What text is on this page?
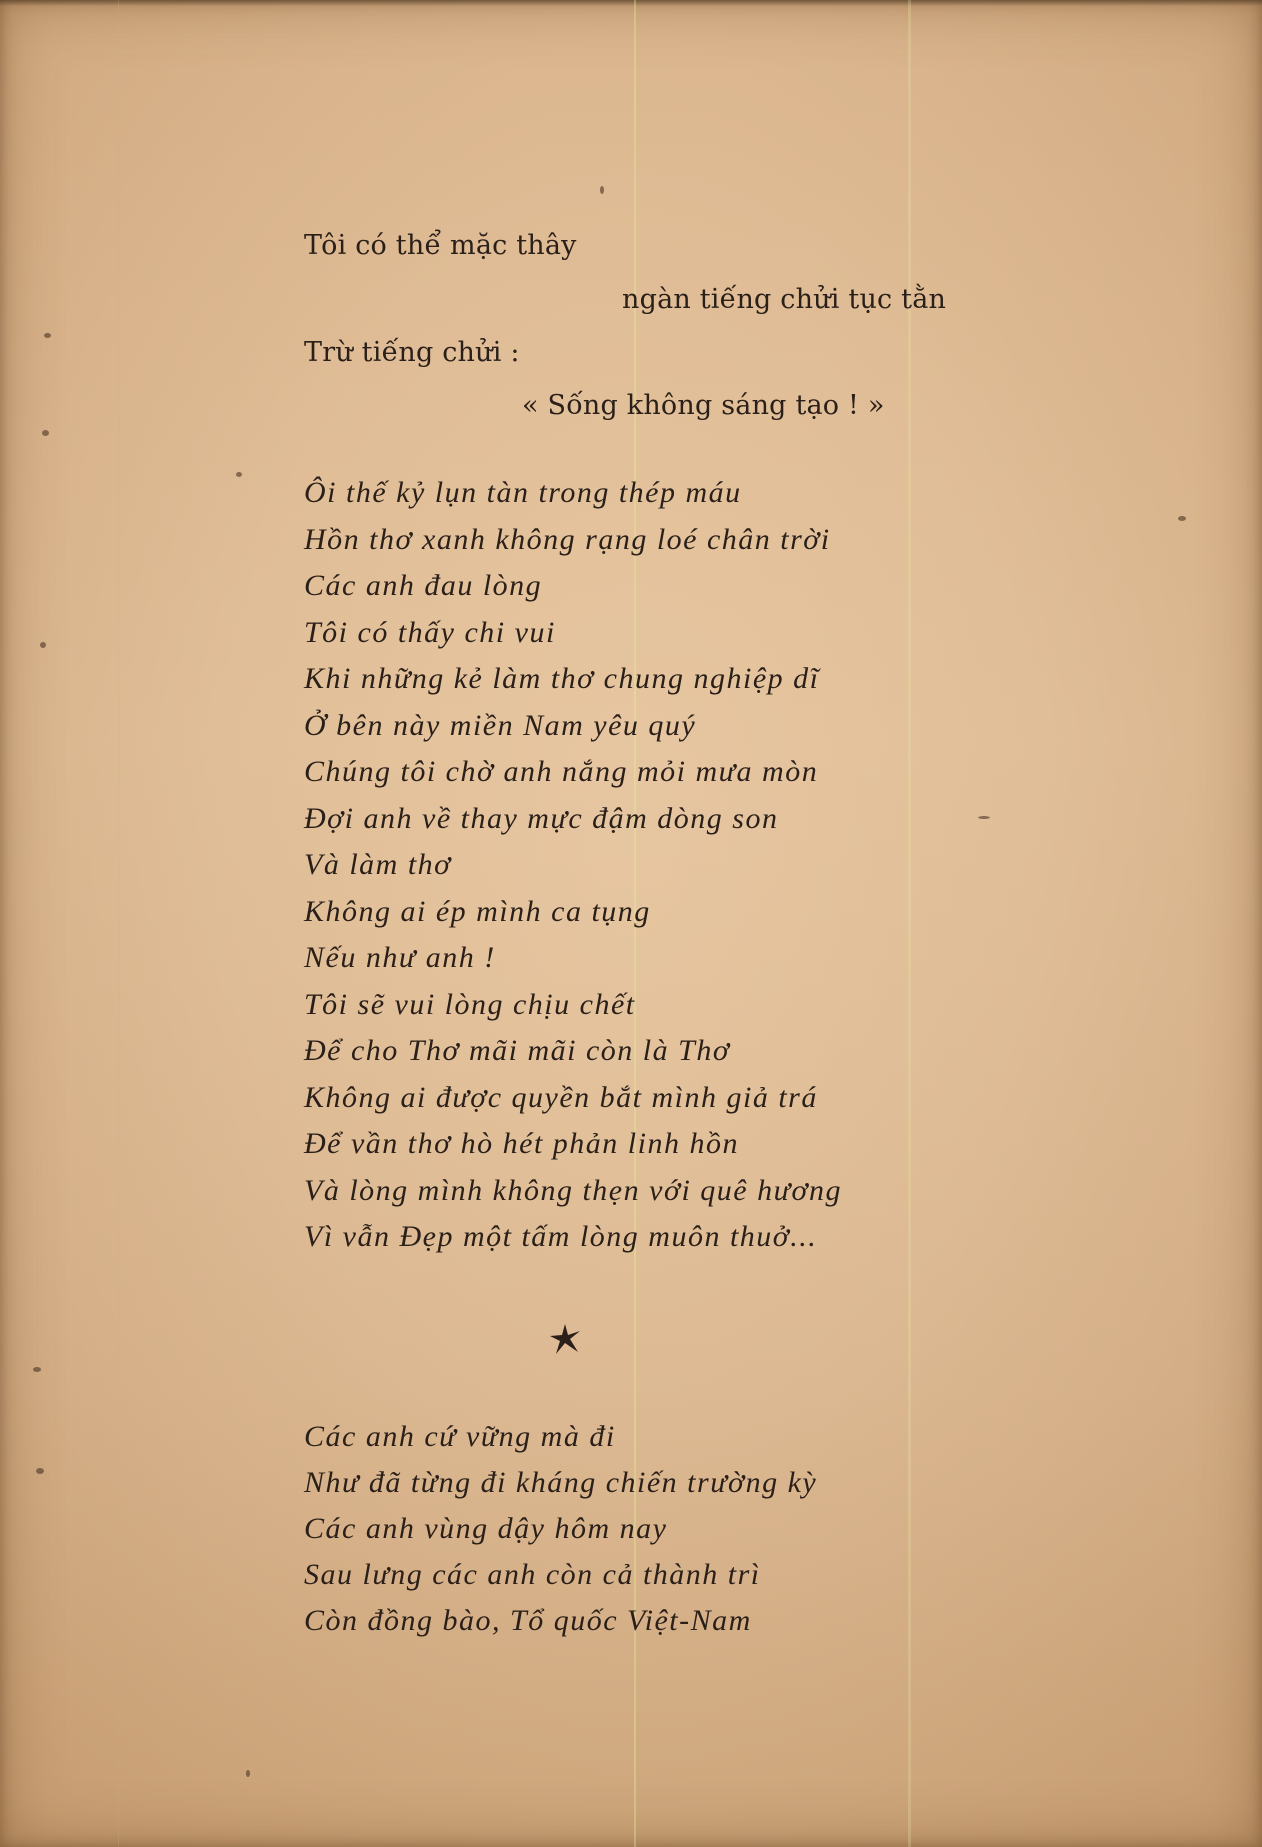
Tôi có thể mặc thây
ngàn tiếng chửi tục tằn
Trừ tiếng chửi :
« Sống không sáng tạo ! »
Ôi thế kỷ lụn tàn trong thép máu
Hồn thơ xanh không rạng loé chân trời
Các anh đau lòng
Tôi có thấy chi vui
Khi những kẻ làm thơ chung nghiệp dĩ
Ở bên này miền Nam yêu quý
Chúng tôi chờ anh nắng mỏi mưa mòn
Đợi anh về thay mực đậm dòng son
Và làm thơ
Không ai ép mình ca tụng
Nếu như anh !
Tôi sẽ vui lòng chịu chết
Để cho Thơ mãi mãi còn là Thơ
Không ai được quyền bắt mình giả trá
Để vần thơ hò hét phản linh hồn
Và lòng mình không thẹn với quê hương
Vì vẫn Đẹp một tấm lòng muôn thuở...
Các anh cứ vững mà đi
Như đã từng đi kháng chiến trường kỳ
Các anh vùng dậy hôm nay
Sau lưng các anh còn cả thành trì
Còn đồng bào, Tổ quốc Việt-Nam
